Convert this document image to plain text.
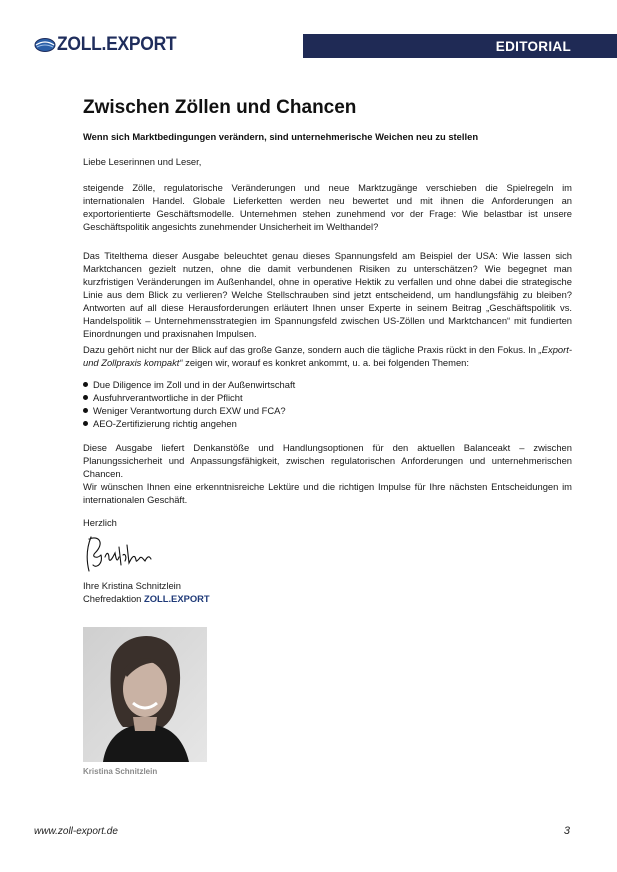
ZOLL.EXPORT	EDITORIAL
Zwischen Zöllen und Chancen

Wenn sich Marktbedingungen verändern, sind unternehmerische Weichen neu zu stellen

Liebe Leserinnen und Leser,

steigende Zölle, regulatorische Veränderungen und neue Marktzugänge verschieben die Spielregeln im internationalen Handel. Globale Lieferketten werden neu bewertet und mit ihnen die Anforderungen an exportorientierte Geschäftsmodelle. Unternehmen stehen zunehmend vor der Frage: Wie belastbar ist unsere Geschäftspolitik angesichts zunehmender Unsicherheit im Welthandel?

Das Titelthema dieser Ausgabe beleuchtet genau dieses Spannungsfeld am Beispiel der USA: Wie lassen sich Marktchancen gezielt nutzen, ohne die damit verbundenen Risiken zu unterschätzen? Wie begegnet man kurzfristigen Veränderungen im Außenhandel, ohne in operative Hektik zu verfallen und ohne dabei die strategische Linie aus dem Blick zu verlieren? Welche Stellschrauben sind jetzt entscheidend, um handlungsfähig zu bleiben? Antworten auf all diese Herausforderungen erläutert Ihnen unser Experte in seinem Beitrag „Geschäftspolitik vs. Handelspolitik – Unternehmensstrategien im Spannungsfeld zwischen US-Zöllen und Marktchancen“ mit fundierten Einordnungen und praxisnahen Impulsen.

Dazu gehört nicht nur der Blick auf das große Ganze, sondern auch die tägliche Praxis rückt in den Fokus. In „Export- und Zollpraxis kompakt“ zeigen wir, worauf es konkret ankommt, u. a. bei folgenden Themen:

Due Diligence im Zoll und in der Außenwirtschaft
Ausfuhrverantwortliche in der Pflicht
Weniger Verantwortung durch EXW und FCA?
AEO-Zertifizierung richtig angehen

Diese Ausgabe liefert Denkanstöße und Handlungsoptionen für den aktuellen Balanceakt – zwischen Planungssicherheit und Anpassungsfähigkeit, zwischen regulatorischen Anforderungen und unternehmerischen Chancen.

Wir wünschen Ihnen eine erkenntnisreiche Lektüre und die richtigen Impulse für Ihre nächsten Entscheidungen im internationalen Geschäft.

Herzlich
Ihre Kristina Schnitzlein
Chefredaktion ZOLL.EXPORT
Kristina Schnitzlein
www.zoll-export.de	3
